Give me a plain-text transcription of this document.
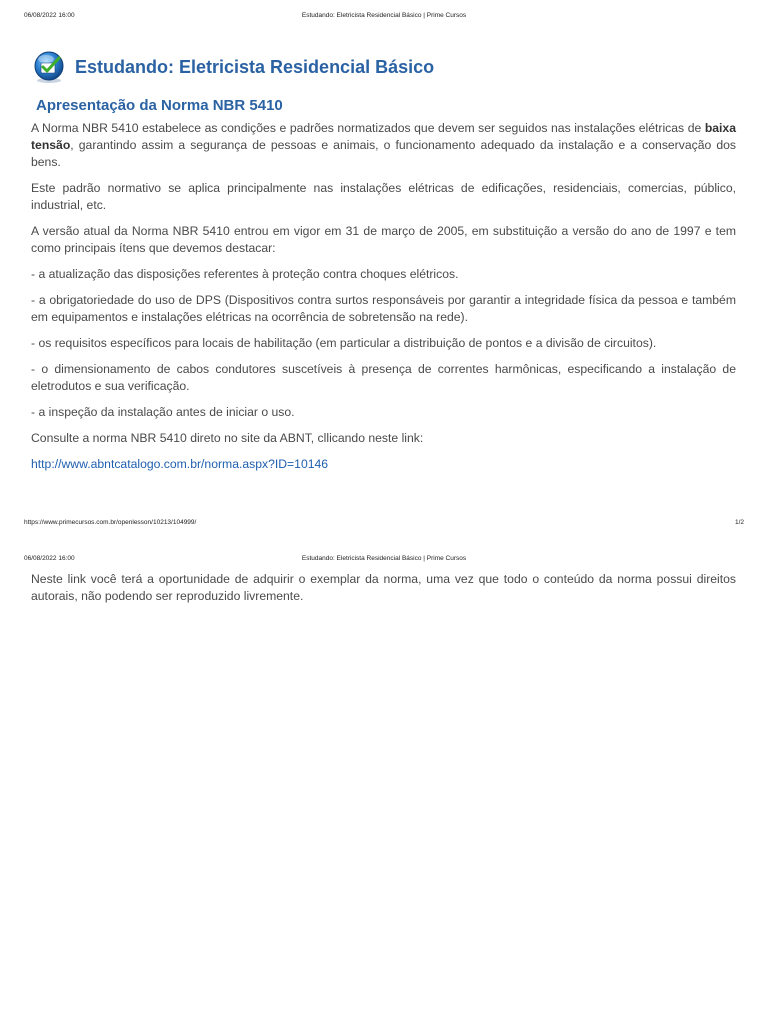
06/08/2022 16:00	Estudando: Eletricista Residencial Básico | Prime Cursos
Estudando: Eletricista Residencial Básico
Apresentação da Norma NBR 5410

A Norma NBR 5410 estabelece as condições e padrões normatizados que devem ser seguidos nas instalações elétricas de baixa tensão, garantindo assim a segurança de pessoas e animais, o funcionamento adequado da instalação e a conservação dos bens.

Este padrão normativo se aplica principalmente nas instalações elétricas de edificações, residenciais, comercias, público, industrial, etc.

A versão atual da Norma NBR 5410 entrou em vigor em 31 de março de 2005, em substituição a versão do ano de 1997 e tem como principais ítens que devemos destacar:

- a atualização das disposições referentes à proteção contra choques elétricos.

- a obrigatoriedade do uso de DPS (Dispositivos contra surtos responsáveis por garantir a integridade física da pessoa e também em equipamentos e instalações elétricas na ocorrência de sobretensão na rede).

- os requisitos específicos para locais de habilitação (em particular a distribuição de pontos e a divisão de circuitos).

- o dimensionamento de cabos condutores suscetíveis à presença de correntes harmônicas, especificando a instalação de eletrodutos e sua verificação.

- a inspeção da instalação antes de iniciar o uso.

Consulte a norma NBR 5410 direto no site da ABNT, cllicando neste link:

http://www.abntcatalogo.com.br/norma.aspx?ID=10146

https://www.primecursos.com.br/openlesson/10213/104999/	1/2
06/08/2022 16:00	Estudando: Eletricista Residencial Básico | Prime Cursos

Neste link você terá a oportunidade de adquirir o exemplar da norma, uma vez que todo o conteúdo da norma possui direitos autorais, não podendo ser reproduzido livremente.
